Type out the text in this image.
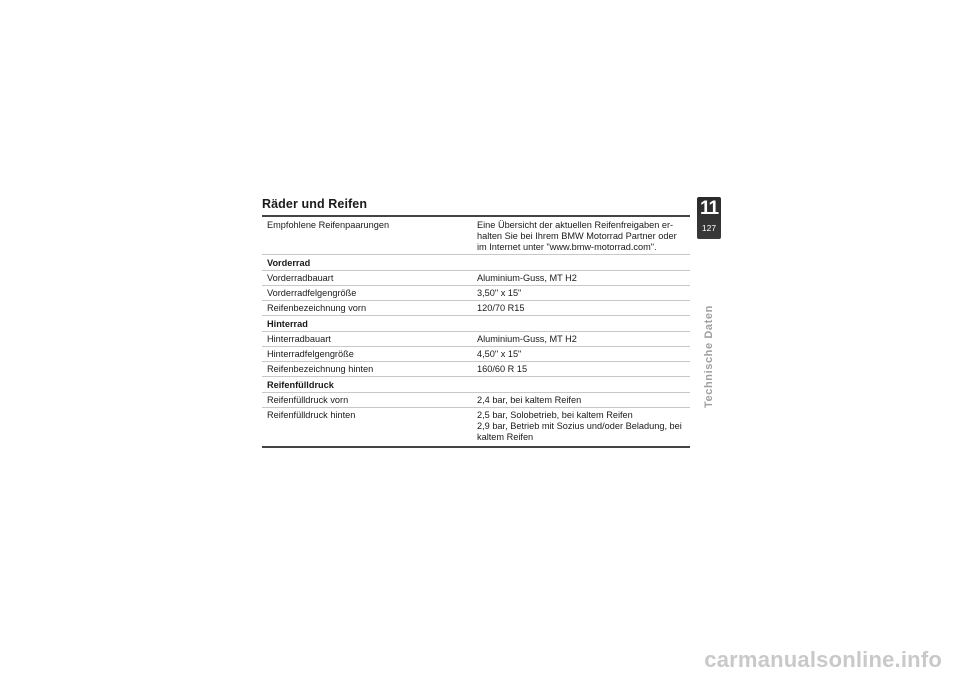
Räder und Reifen
Empfohlene Reifenpaarungen	Eine Übersicht der aktuellen Reifenfreigaben er-
halten Sie bei Ihrem BMW Motorrad Partner oder
im Internet unter "www.bmw-motorrad.com".

Vorderrad	
Vorderradbauart	Aluminium-Guss, MT H2
Vorderradfelgengröße	3,50" x 15"
Reifenbezeichnung vorn	120/70 R15
Hinterrad	
Hinterradbauart	Aluminium-Guss, MT H2
Hinterradfelgengröße	4,50" x 15"
Reifenbezeichnung hinten	160/60 R 15
Reifenfülldruck	
Reifenfülldruck vorn	2,4 bar, bei kaltem Reifen

Reifenfülldruck hinten	2,5 bar, Solobetrieb, bei kaltem Reifen
2,9 bar, Betrieb mit Sozius und/oder Beladung, bei
kaltem Reifen
11
127
Technische Daten
carmanualsonline.info
